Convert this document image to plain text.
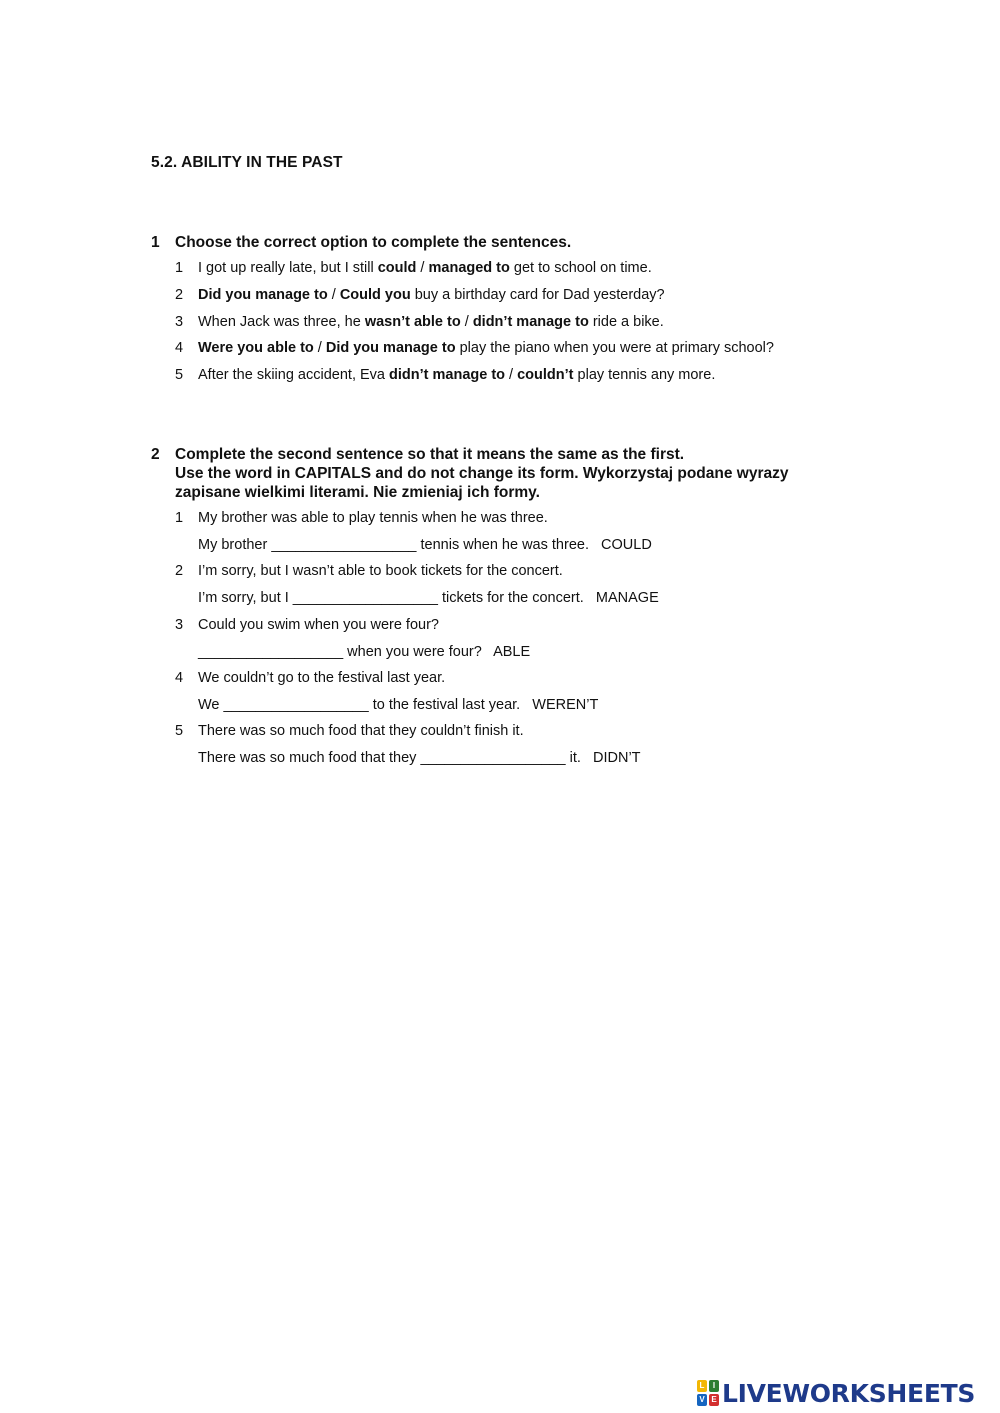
5.2. ABILITY IN THE PAST
1 Choose the correct option to complete the sentences.
1 I got up really late, but I still could / managed to get to school on time.
2 Did you manage to / Could you buy a birthday card for Dad yesterday?
3 When Jack was three, he wasn’t able to / didn’t manage to ride a bike.
4 Were you able to / Did you manage to play the piano when you were at primary school?
5 After the skiing accident, Eva didn’t manage to / couldn’t play tennis any more.
2 Complete the second sentence so that it means the same as the first.
Use the word in CAPITALS and do not change its form. Wykorzystaj podane wyrazy
zapisane wielkimi literami. Nie zmieniaj ich formy.
1 My brother was able to play tennis when he was three.
My brother __________________ tennis when he was three.   COULD
2 I’m sorry, but I wasn’t able to book tickets for the concert.
I’m sorry, but I __________________ tickets for the concert.   MANAGE
3 Could you swim when you were four?
__________________ when you were four?   ABLE
4 We couldn’t go to the festival last year.
We __________________ to the festival last year.   WEREN’T
5 There was so much food that they couldn’t finish it.
There was so much food that they __________________ it.   DIDN’T
L	I
V E LIVEWORKSHEETS
